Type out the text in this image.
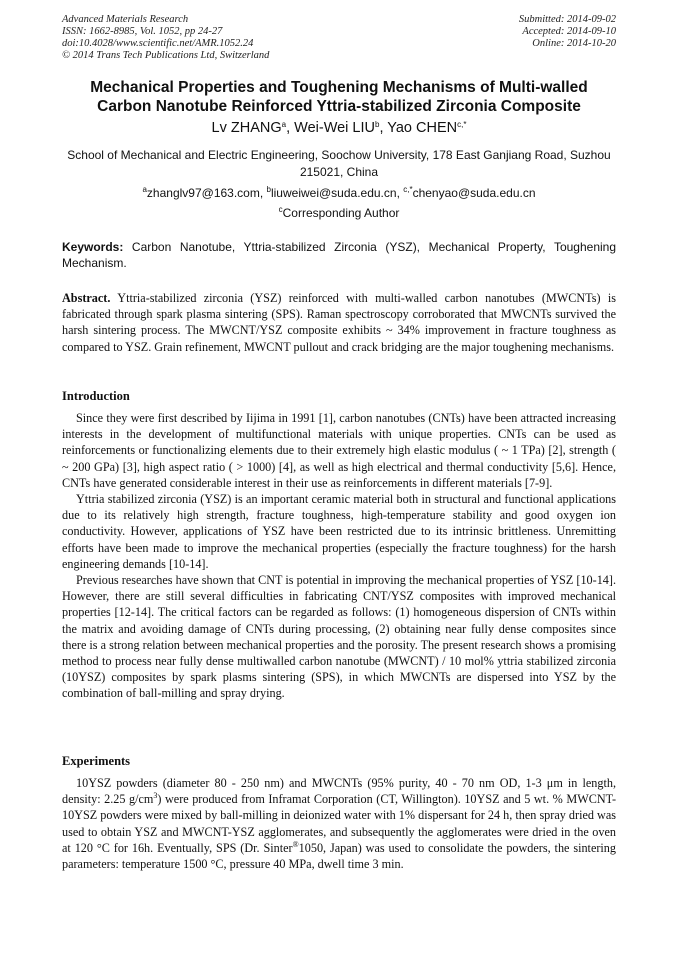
Advanced Materials Research
ISSN: 1662-8985, Vol. 1052, pp 24-27
doi:10.4028/www.scientific.net/AMR.1052.24
© 2014 Trans Tech Publications Ltd, Switzerland
Submitted: 2014-09-02
Accepted: 2014-09-10
Online: 2014-10-20
Mechanical Properties and Toughening Mechanisms of Multi-walled
Carbon Nanotube Reinforced Yttria-stabilized Zirconia Composite
Lv ZHANG$^a$, Wei-Wei LIU$^b$, Yao $CHEN^{c,*}$
School of Mechanical and Electric Engineering, Soochow University, 178 East Ganjiang Road, Suzhou 215021, China
$^a$zhanglv97@163.com, $^b$liuweiwei@suda.edu.cn, $^{c,*}$chenyao@suda.edu.cn
$^c$Corresponding Author
Keywords: Carbon Nanotube, Yttria-stabilized Zirconia (YSZ), Mechanical Property, Toughening Mechanism.
Abstract. Yttria-stabilized zirconia (YSZ) reinforced with multi-walled carbon nanotubes (MWCNTs) is fabricated through spark plasma sintering (SPS). Raman spectroscopy corroborated that MWCNTs survived the harsh sintering process. The MWCNT/YSZ composite exhibits ~ 34% improvement in fracture toughness as compared to YSZ. Grain refinement, MWCNT pullout and crack bridging are the major toughening mechanisms.
Introduction

Since they were first described by Iijima in 1991 [1], carbon nanotubes (CNTs) have been attracted increasing interests in the development of multifunctional materials with unique properties. CNTs can be used as reinforcements or functionalizing elements due to their extremely high elastic modulus ( ~ 1 TPa) [2], strength ( ~ 200 GPa) [3], high aspect ratio ( > 1000) [4], as well as high electrical and thermal conductivity [5,6]. Hence, CNTs have generated considerable interest in their use as reinforcements in different materials [7-9].

Yttria stabilized zirconia (YSZ) is an important ceramic material both in structural and functional applications due to its relatively high strength, fracture toughness, high-temperature stability and good oxygen ion conductivity. However, applications of YSZ have been restricted due to its intrinsic brittleness. Unremitting efforts have been made to improve the mechanical properties (especially the fracture toughness) for the harsh engineering demands [10-14].

Previous researches have shown that CNT is potential in improving the mechanical properties of YSZ [10-14]. However, there are still several difficulties in fabricating CNT/YSZ composites with improved mechanical properties [12-14]. The critical factors can be regarded as follows: (1) homogeneous dispersion of CNTs within the matrix and avoiding damage of CNTs during processing, (2) obtaining near fully dense composites since there is a strong relation between mechanical properties and the porosity. The present research shows a promising method to process near fully dense multiwalled carbon nanotube (MWCNT) / 10 mol% yttria stabilized zirconia (10YSZ) composites by spark plasms sintering (SPS), in which MWCNTs are dispersed into YSZ by the combination of ball-milling and spray drying.

Experiments

10YSZ powders (diameter 80 - 250 nm) and MWCNTs (95% purity, 40 - 70 nm OD, 1-3 μm in length, density: 2.25 $g/cm^3$) were produced from Inframat Corporation (CT, Willington). 10YSZ and 5 wt. % MWCNT-10YSZ powders were mixed by ball-milling in deionized water with 1% dispersant for 24 h, then spray dried was used to obtain YSZ and MWCNT-YSZ agglomerates, and subsequently the agglomerates were dried in the oven at 120 °C for 16h. Eventually, SPS (Dr. Sinter®1050, Japan) was used to consolidate the powders, the sintering parameters: temperature 1500 °C, pressure 40 MPa, dwell time 3 min.
